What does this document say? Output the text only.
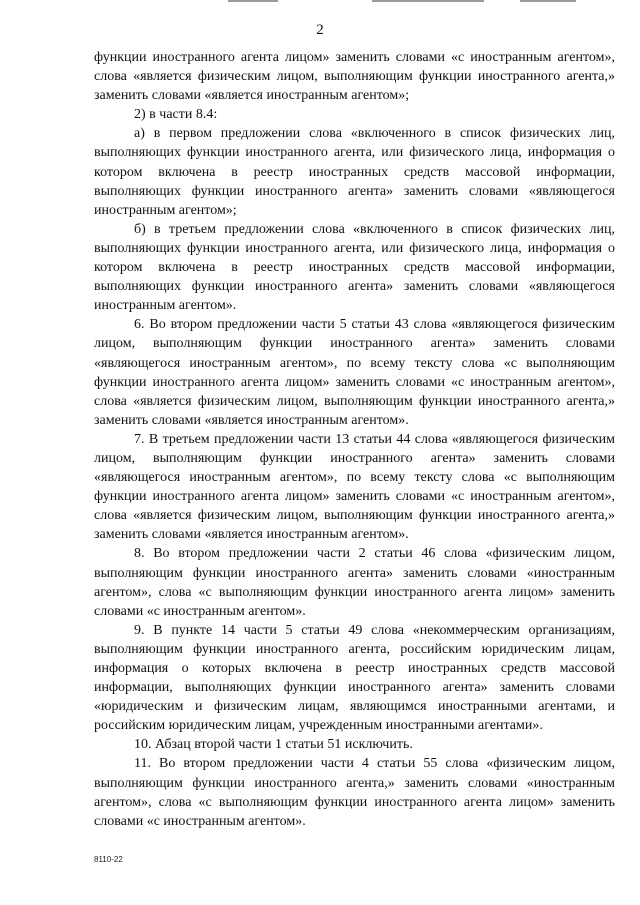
2

функции иностранного агента лицом» заменить словами «с иностранным агентом», слова «является физическим лицом, выполняющим функции иностранного агента,» заменить словами «является иностранным агентом»;

2) в части 8.4:

а) в первом предложении слова «включенного в список физических лиц, выполняющих функции иностранного агента, или физического лица, информация о котором включена в реестр иностранных средств массовой информации, выполняющих функции иностранного агента» заменить словами «являющегося иностранным агентом»;

б) в третьем предложении слова «включенного в список физических лиц, выполняющих функции иностранного агента, или физического лица, информация о котором включена в реестр иностранных средств массовой информации, выполняющих функции иностранного агента» заменить словами «являющегося иностранным агентом».

6. Во втором предложении части 5 статьи 43 слова «являющегося физическим лицом, выполняющим функции иностранного агента» заменить словами «являющегося иностранным агентом», по всему тексту слова «с выполняющим функции иностранного агента лицом» заменить словами «с иностранным агентом», слова «является физическим лицом, выполняющим функции иностранного агента,» заменить словами «является иностранным агентом».

7. В третьем предложении части 13 статьи 44 слова «являющегося физическим лицом, выполняющим функции иностранного агента» заменить словами «являющегося иностранным агентом», по всему тексту слова «с выполняющим функции иностранного агента лицом» заменить словами «с иностранным агентом», слова «является физическим лицом, выполняющим функции иностранного агента,» заменить словами «является иностранным агентом».

8. Во втором предложении части 2 статьи 46 слова «физическим лицом, выполняющим функции иностранного агента» заменить словами «иностранным агентом», слова «с выполняющим функции иностранного агента лицом» заменить словами «с иностранным агентом».

9. В пункте 14 части 5 статьи 49 слова «некоммерческим организациям, выполняющим функции иностранного агента, российским юридическим лицам, информация о которых включена в реестр иностранных средств массовой информации, выполняющих функции иностранного агента» заменить словами «юридическим и физическим лицам, являющимся иностранными агентами, и российским юридическим лицам, учрежденным иностранными агентами».

10. Абзац второй части 1 статьи 51 исключить.

11. Во втором предложении части 4 статьи 55 слова «физическим лицом, выполняющим функции иностранного агента,» заменить словами «иностранным агентом», слова «с выполняющим функции иностранного агента лицом» заменить словами «с иностранным агентом».

8110-22
